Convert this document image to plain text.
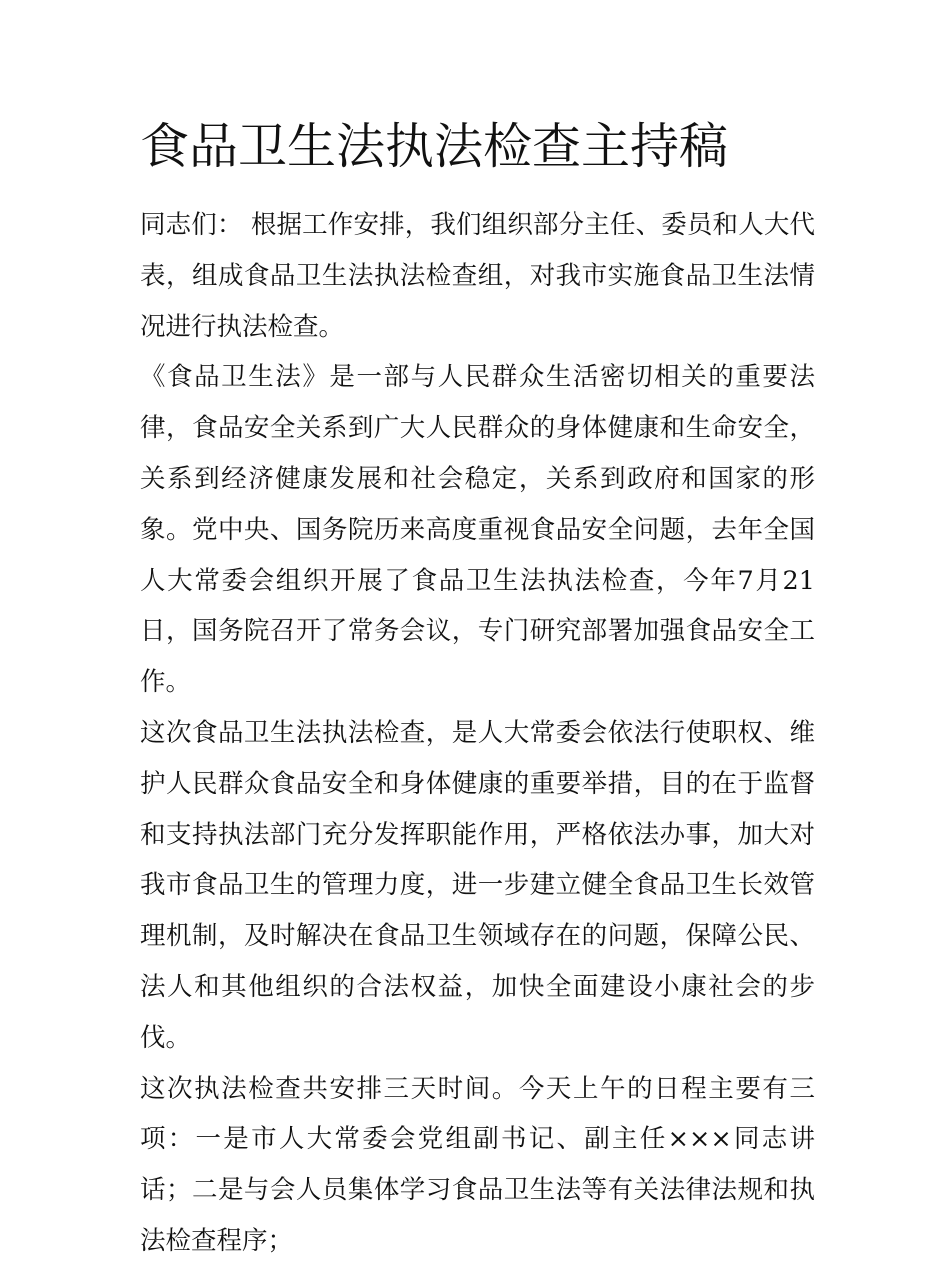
食品卫生法执法检查主持稿

同志们： 根据工作安排，我们组织部分主任、委员和人大代表，组成食品卫生法执法检查组，对我市实施食品卫生法情况进行执法检查。

《食品卫生法》是一部与人民群众生活密切相关的重要法律，食品安全关系到广大人民群众的身体健康和生命安全，关系到经济健康发展和社会稳定，关系到政府和国家的形象。党中央、国务院历来高度重视食品安全问题，去年全国人大常委会组织开展了食品卫生法执法检查，今年7月21日，国务院召开了常务会议，专门研究部署加强食品安全工作。

这次食品卫生法执法检查，是人大常委会依法行使职权、维护人民群众食品安全和身体健康的重要举措，目的在于监督和支持执法部门充分发挥职能作用，严格依法办事，加大对我市食品卫生的管理力度，进一步建立健全食品卫生长效管理机制，及时解决在食品卫生领域存在的问题，保障公民、法人和其他组织的合法权益，加快全面建设小康社会的步伐。

这次执法检查共安排三天时间。今天上午的日程主要有三项：一是市人大常委会党组副书记、副主任×××同志讲话；二是与会人员集体学习食品卫生法等有关法律法规和执法检查程序；
